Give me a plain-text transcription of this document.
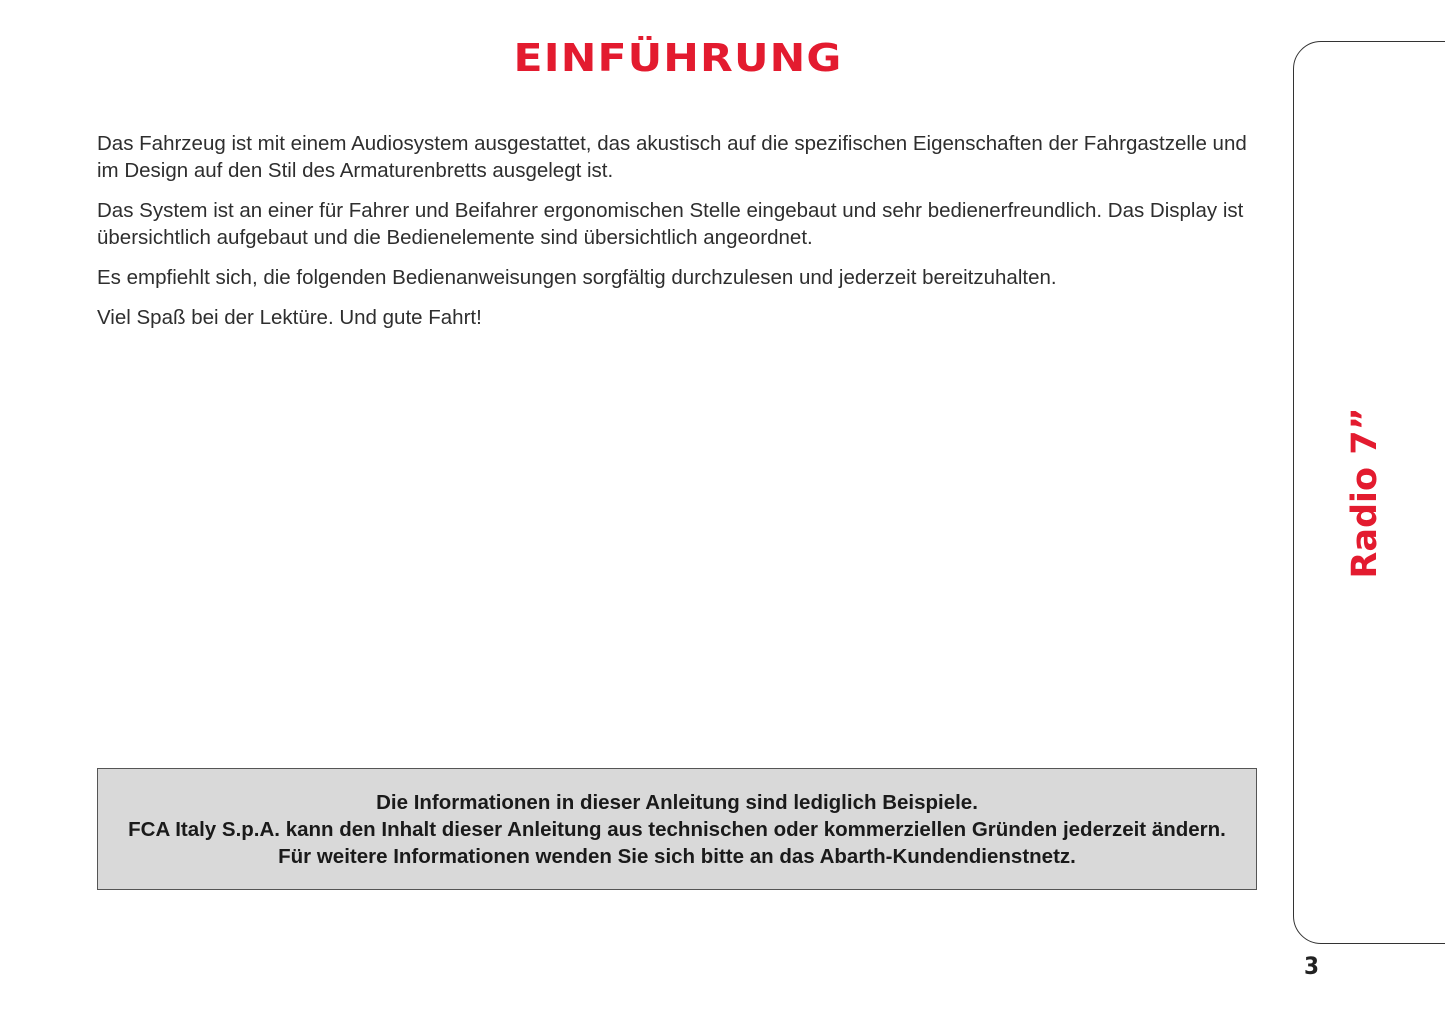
EINFÜHRUNG

Das Fahrzeug ist mit einem Audiosystem ausgestattet, das akustisch auf die spezifischen Eigenschaften der Fahrgastzelle und im Design auf den Stil des Armaturenbretts ausgelegt ist.

Das System ist an einer für Fahrer und Beifahrer ergonomischen Stelle eingebaut und sehr bedienerfreundlich. Das Display ist übersichtlich aufgebaut und die Bedienelemente sind übersichtlich angeordnet.

Es empfiehlt sich, die folgenden Bedienanweisungen sorgfältig durchzulesen und jederzeit bereitzuhalten.

Viel Spaß bei der Lektüre. Und gute Fahrt!

Die Informationen in dieser Anleitung sind lediglich Beispiele.
FCA Italy S.p.A. kann den Inhalt dieser Anleitung aus technischen oder kommerziellen Gründen jederzeit ändern.
Für weitere Informationen wenden Sie sich bitte an das Abarth-Kundendienstnetz.
Radio 7”
3
